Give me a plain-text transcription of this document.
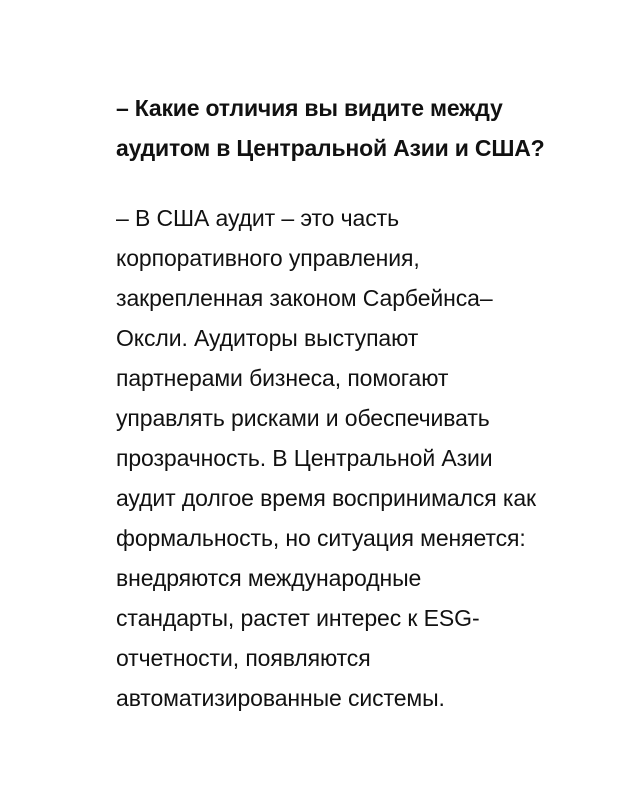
– Какие отличия вы видите между
аудитом в Центральной Азии и США?

– В США аудит – это часть
корпоративного управления,
закрепленная законом Сарбейнса–
Оксли. Аудиторы выступают
партнерами бизнеса, помогают
управлять рисками и обеспечивать
прозрачность. В Центральной Азии
аудит долгое время воспринимался как
формальность, но ситуация меняется:
внедряются международные
стандарты, растет интерес к ESG-
отчетности, появляются
автоматизированные системы.
